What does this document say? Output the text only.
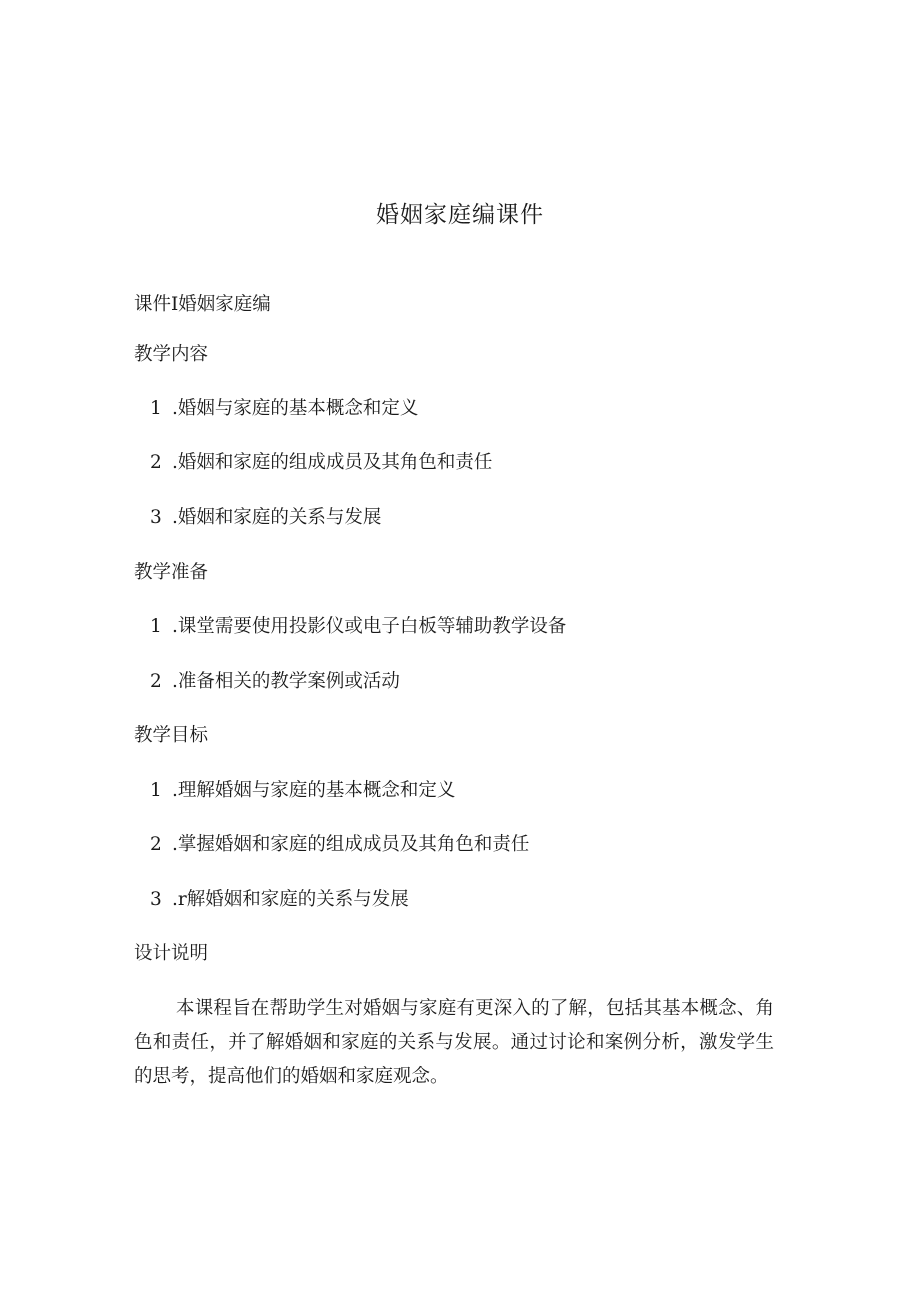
婚姻家庭编课件

课件I婚姻家庭编

教学内容

1 .婚姻与家庭的基本概念和定义

2 .婚姻和家庭的组成成员及其角色和责任

3 .婚姻和家庭的关系与发展

教学准备

1 .课堂需要使用投影仪或电子白板等辅助教学设备

2 .准备相关的教学案例或活动

教学目标

1 .理解婚姻与家庭的基本概念和定义

2 .掌握婚姻和家庭的组成成员及其角色和责任

3 .r解婚姻和家庭的关系与发展

设计说明

本课程旨在帮助学生对婚姻与家庭有更深入的了解，包括其基本概念、角色和责任，并了解婚姻和家庭的关系与发展。通过讨论和案例分析，激发学生的思考，提高他们的婚姻和家庭观念。
